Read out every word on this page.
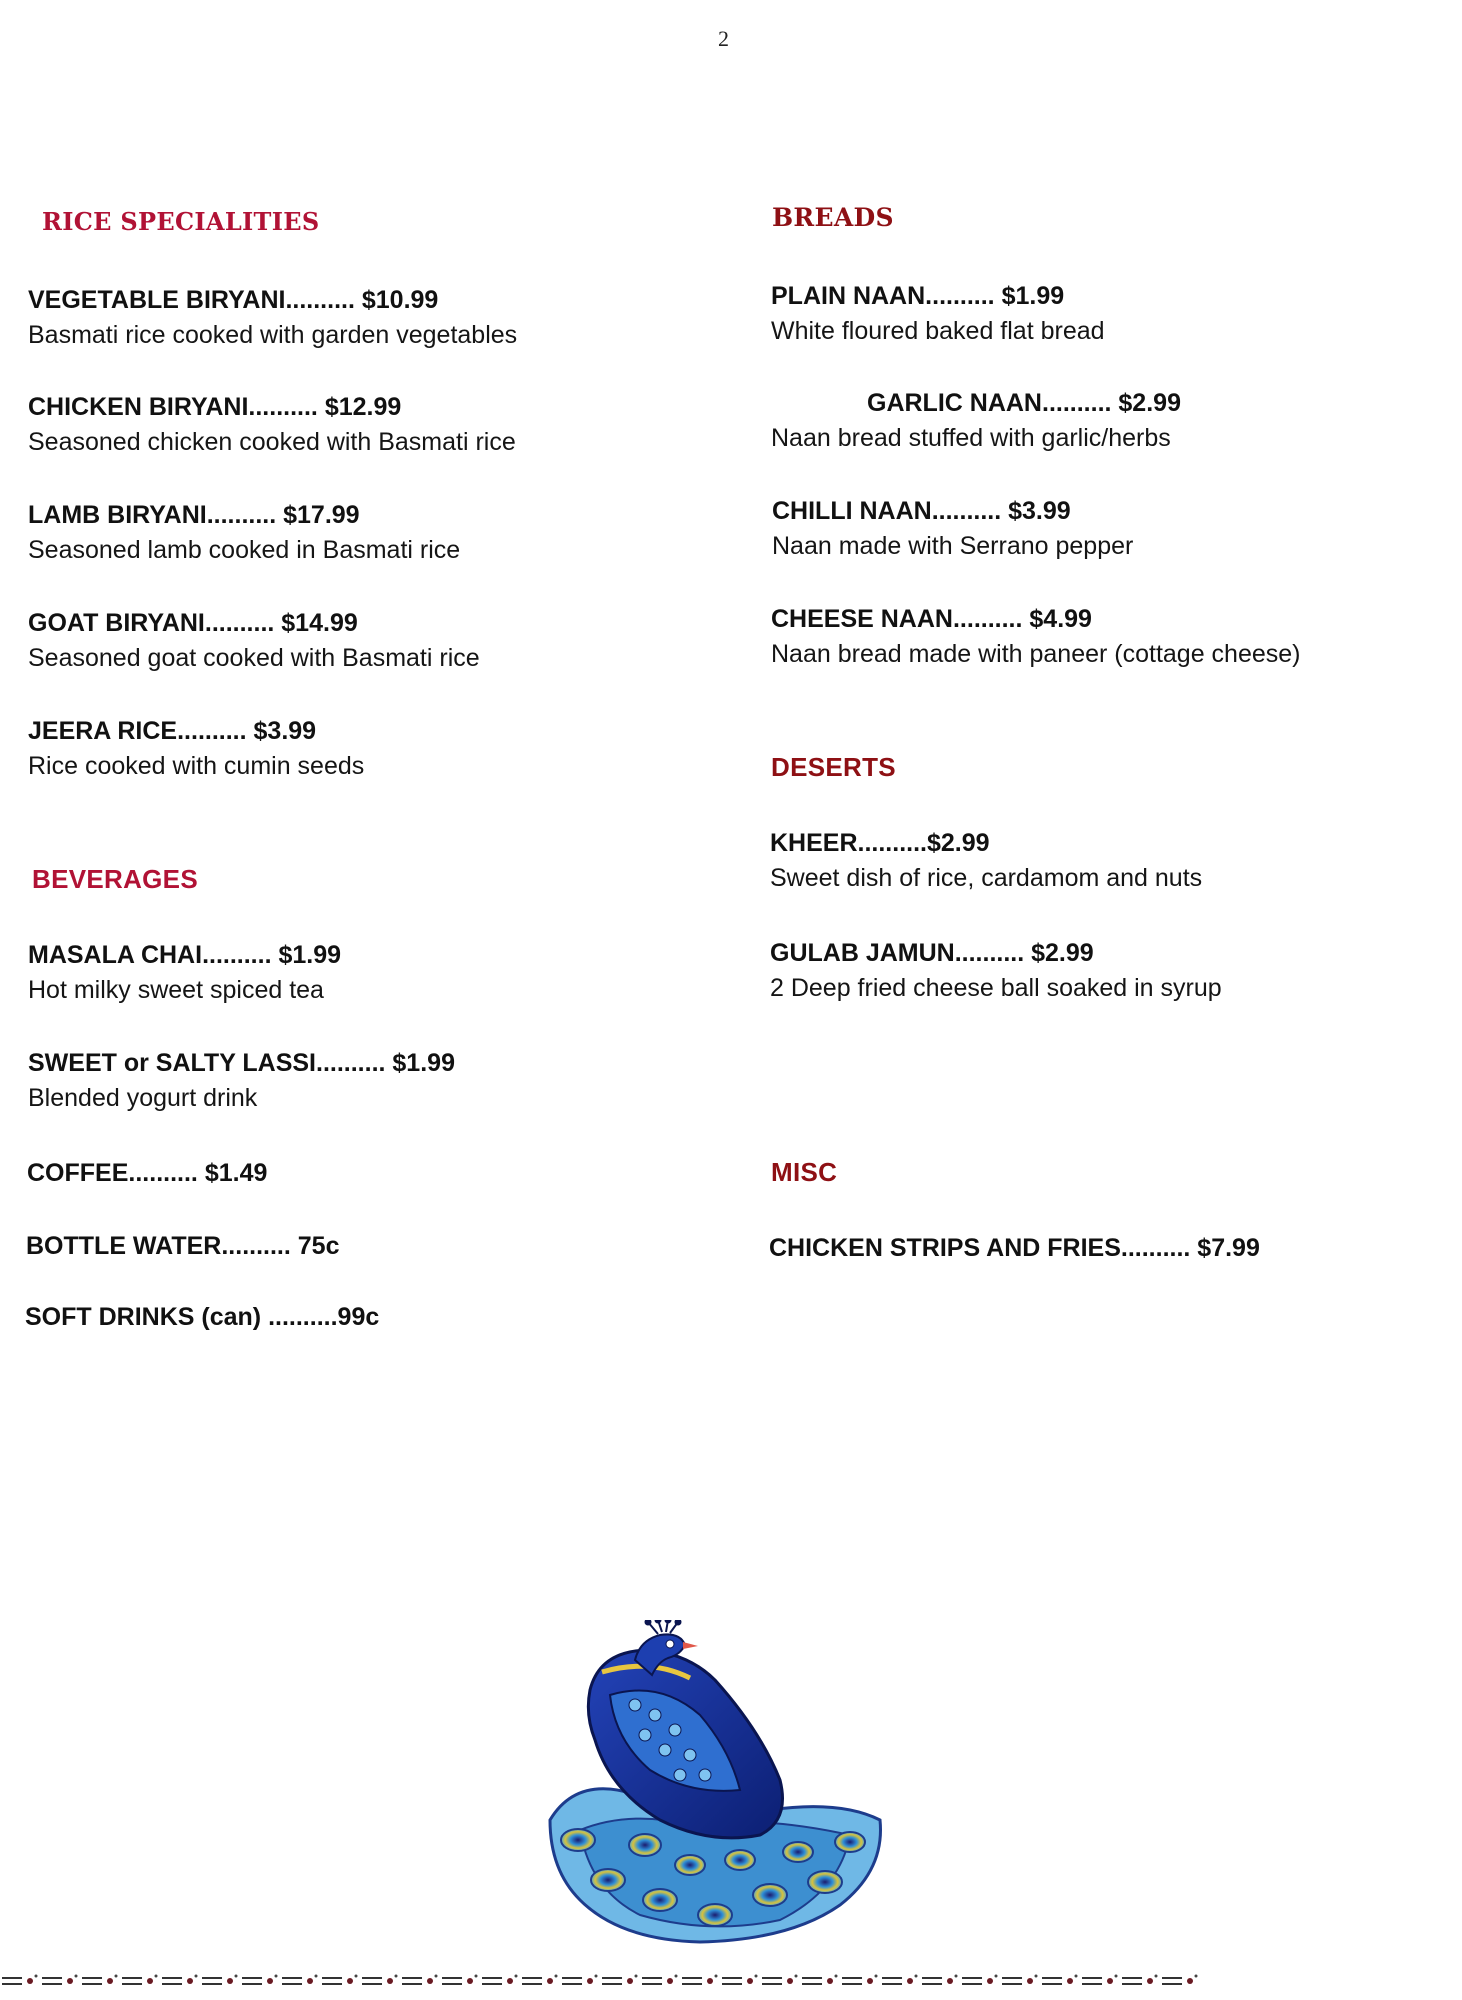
2
RICE SPECIALITIES
VEGETABLE BIRYANI.......... $10.99
Basmati rice cooked with garden vegetables
CHICKEN BIRYANI.......... $12.99
Seasoned chicken cooked with Basmati rice
LAMB BIRYANI.......... $17.99
Seasoned lamb cooked in Basmati rice
GOAT BIRYANI.......... $14.99
Seasoned goat cooked with Basmati rice
JEERA RICE.......... $3.99
Rice cooked with cumin seeds
BEVERAGES
MASALA CHAI.......... $1.99
Hot milky sweet spiced tea
SWEET or SALTY LASSI.......... $1.99
Blended yogurt drink
COFFEE.......... $1.49
BOTTLE WATER.......... 75c
SOFT DRINKS (can) ..........99c
BREADS
PLAIN NAAN.......... $1.99
White floured baked flat bread
GARLIC NAAN.......... $2.99
Naan bread stuffed with garlic/herbs
CHILLI NAAN.......... $3.99
Naan made with Serrano pepper
CHEESE NAAN.......... $4.99
Naan bread made with paneer (cottage cheese)
DESERTS
KHEER..........$2.99
Sweet dish of rice, cardamom and nuts
GULAB JAMUN.......... $2.99
2 Deep fried cheese ball soaked in syrup
MISC
CHICKEN STRIPS AND FRIES.......... $7.99
